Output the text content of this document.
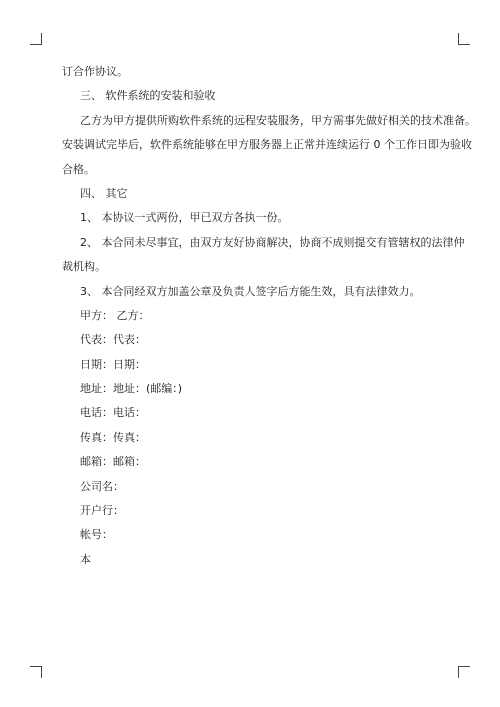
订合作协议。
三、 软件系统的安装和验收
乙方为甲方提供所购软件系统的远程安装服务，甲方需事先做好相关的技术准备。
安装调试完毕后，软件系统能够在甲方服务器上正常并连续运行 0 个工作日即为验收
合格。
四、 其它
1、 本协议一式两份，甲已双方各执一份。
2、 本合同未尽事宜，由双方友好协商解决，协商不成则提交有管辖权的法律仲
裁机构。
3、 本合同经双方加盖公章及负责人签字后方能生效，具有法律效力。
甲方： 乙方：
代表：代表：
日期：日期：
地址：地址：(邮编：)
电话：电话：
传真：传真：
邮箱：邮箱：
公司名：
开户行：
帐号：
本
